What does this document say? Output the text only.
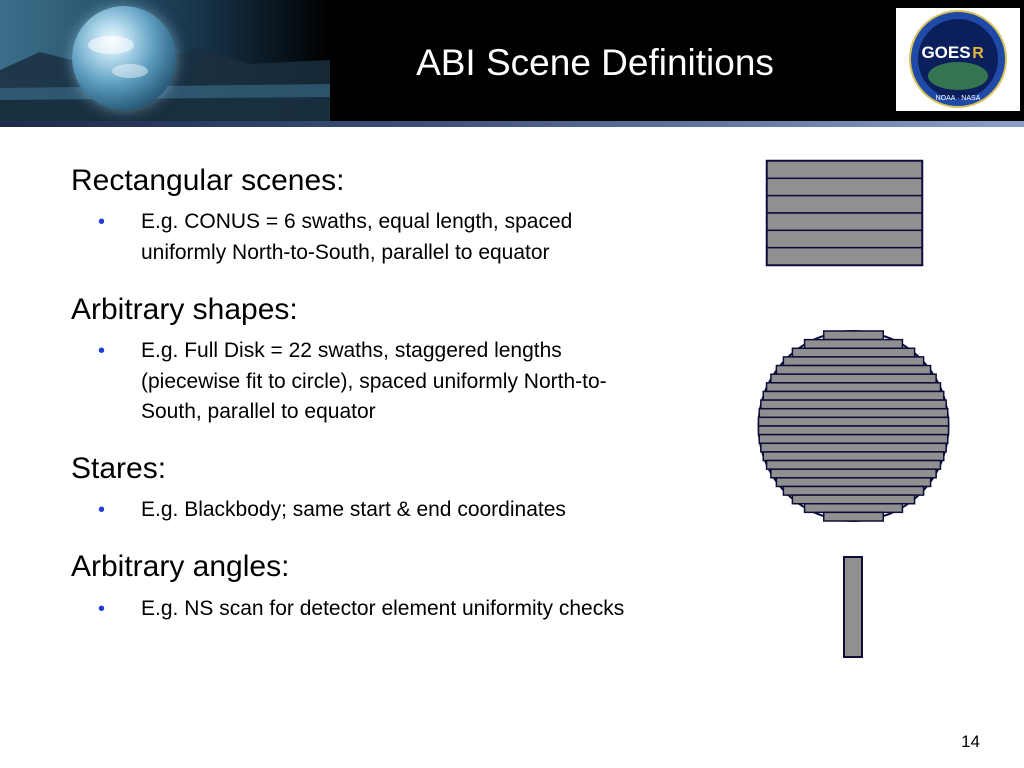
ABI Scene Definitions	GOES R
NOAA · NASA
Rectangular scenes:
• E.g. CONUS = 6 swaths, equal length, spaced
uniformly North-to-South, parallel to equator
Arbitrary shapes:
• E.g. Full Disk = 22 swaths, staggered lengths
(piecewise fit to circle), spaced uniformly North-to-
South, parallel to equator
Stares:
• E.g. Blackbody; same start & end coordinates
Arbitrary angles:
• E.g. NS scan for detector element uniformity checks
14
